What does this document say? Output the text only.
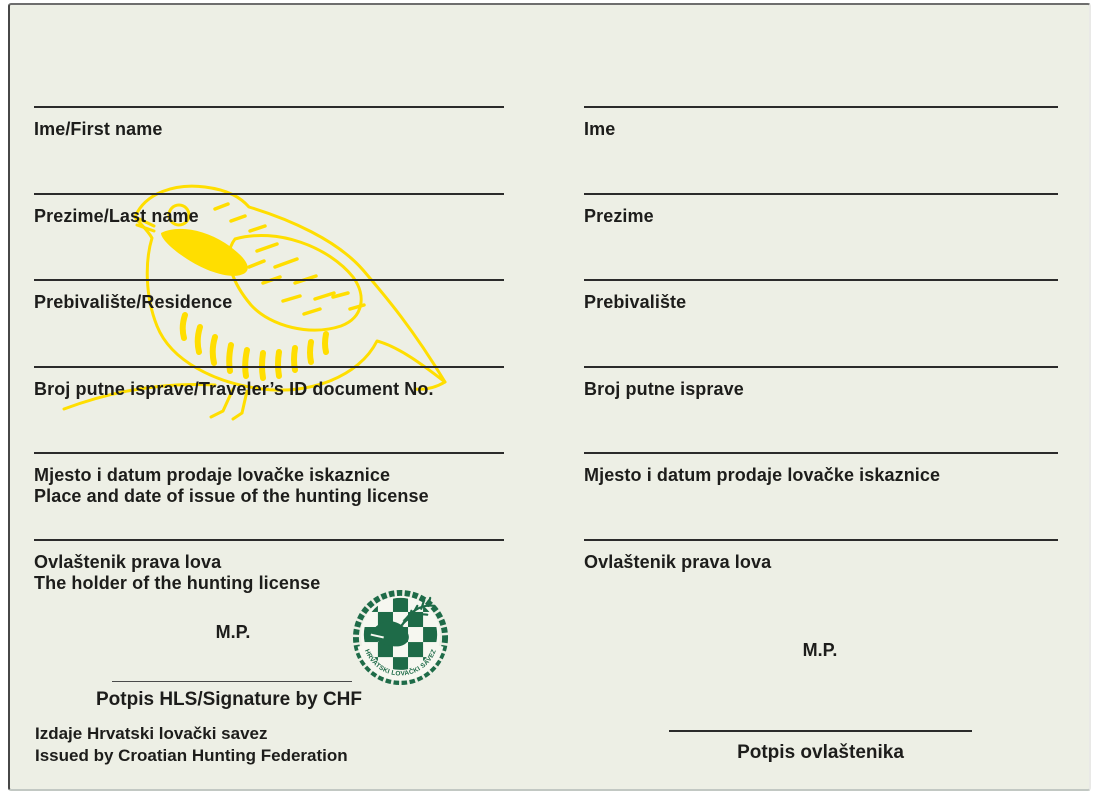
Ime/First name
Prezime/Last name
Prebivalište/Residence
Broj putne isprave/Traveler’s ID document No.
Mjesto i datum prodaje lovačke iskaznice
Place and date of issue of the hunting license
Ovlaštenik prava lova
The holder of the hunting license
Ime
Prezime
Prebivalište
Broj putne isprave
Mjesto i datum prodaje lovačke iskaznice
Ovlaštenik prava lova
M.P.
HRVATSKI LOVAČKI SAVEZ
Potpis HLS/Signature by CHF
Izdaje Hrvatski lovački savez
Issued by Croatian Hunting Federation
M.P.
Potpis ovlaštenika
